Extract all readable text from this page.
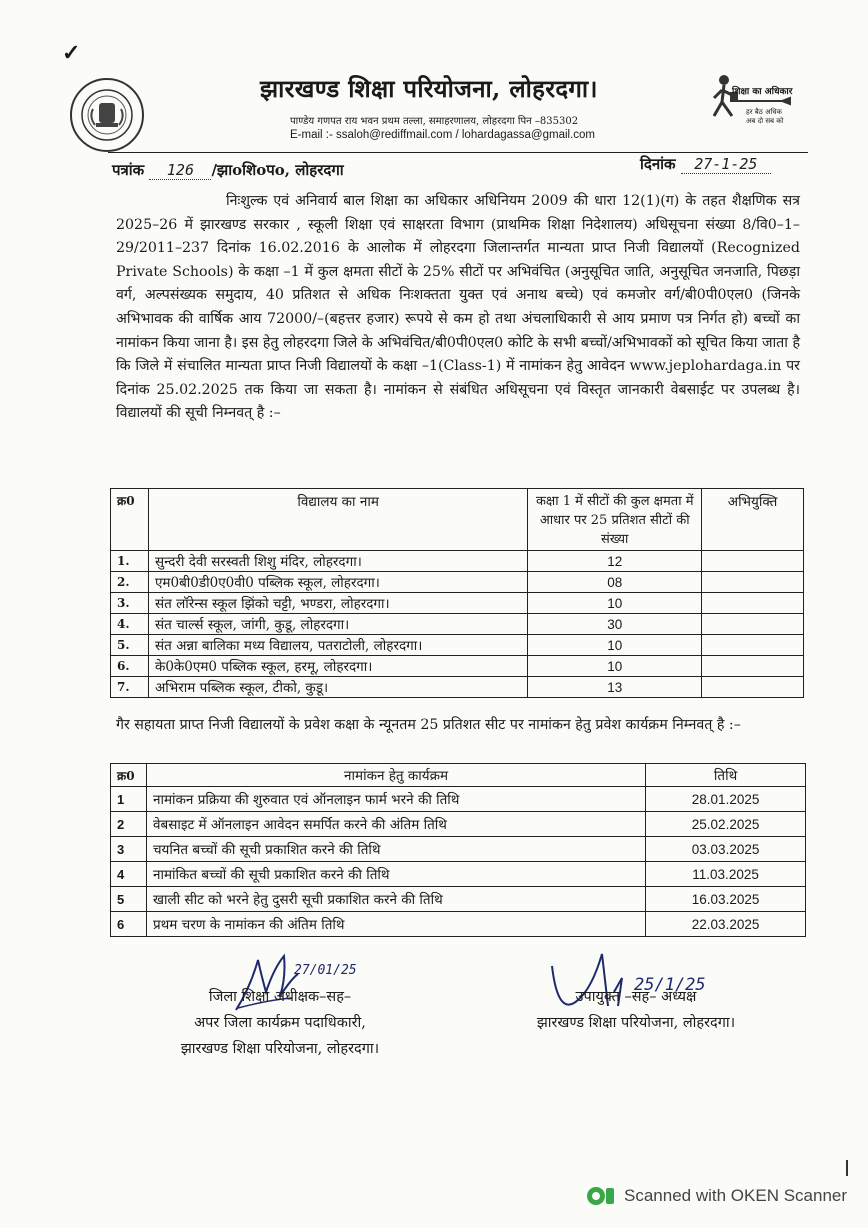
✓
झारखण्ड शिक्षा परियोजना, लोहरदगा।
पाण्डेय गणपत राय भवन प्रथम तल्ला, समाहरणालय, लोहरदगा पिन –835302
E-mail :- ssaloh@rediffmail.com / lohardagassa@gmail.com
शिक्षा का अधिकार
हर बैठ अधिक
अब दो सब को
पत्रांक 126 /झाoशिoपo, लोहरदगा	दिनांक 27-1-25
निःशुल्क एवं अनिवार्य बाल शिक्षा का अधिकार अधिनियम 2009 की धारा 12(1)(ग) के तहत शैक्षणिक सत्र 2025–26 में झारखण्ड सरकार , स्कूली शिक्षा एवं साक्षरता विभाग (प्राथमिक शिक्षा निदेशालय) अधिसूचना संख्या 8/वि0–1–29/2011–237 दिनांक 16.02.2016 के आलोक में लोहरदगा जिलान्तर्गत मान्यता प्राप्त निजी विद्यालयों (Recognized Private Schools) के कक्षा –1 में कुल क्षमता सीटों के 25% सीटों पर अभिवंचित (अनुसूचित जाति, अनुसूचित जनजाति, पिछड़ा वर्ग, अल्पसंख्यक समुदाय, 40 प्रतिशत से अधिक निःशक्तता युक्त एवं अनाथ बच्चे) एवं कमजोर वर्ग/बी0पी0एल0 (जिनके अभिभावक की वार्षिक आय 72000/–(बहत्तर हजार) रूपये से कम हो तथा अंचलाधिकारी से आय प्रमाण पत्र निर्गत हो) बच्चों का नामांकन किया जाना है। इस हेतु लोहरदगा जिले के अभिवंचित/बी0पी0एल0 कोटि के सभी बच्चों/अभिभावकों को सूचित किया जाता है कि जिले में संचालित मान्यता प्राप्त निजी विद्यालयों के कक्षा –1(Class-1) में नामांकन हेतु आवेदन www.jeplohardaga.in पर दिनांक 25.02.2025 तक किया जा सकता है। नामांकन से संबंधित अधिसूचना एवं विस्तृत जानकारी वेबसाईट पर उपलब्ध है। विद्यालयों की सूची निम्नवत् है :–
क्र0	विद्यालय का नाम	कक्षा 1 में सीटों की कुल क्षमता में आधार पर 25 प्रतिशत सीटों की संख्या	अभियुक्ति
1.	सुन्दरी देवी सरस्वती शिशु मंदिर, लोहरदगा।	12	
2.	एम0बी0डी0ए0वी0 पब्लिक स्कूल, लोहरदगा।	08	
3.	संत लॉरेन्स स्कूल झिंको चट्टी, भण्डरा, लोहरदगा।	10	
4.	संत चार्ल्स स्कूल, जांगी, कुडू, लोहरदगा।	30	
5.	संत अन्ना बालिका मध्य विद्यालय, पतराटोली, लोहरदगा।	10	
6.	के0के0एम0 पब्लिक स्कूल, हरमू, लोहरदगा।	10	
7.	अभिराम पब्लिक स्कूल, टीको, कुडू।	13	
गैर सहायता प्राप्त निजी विद्यालयों के प्रवेश कक्षा के न्यूनतम 25 प्रतिशत सीट पर नामांकन हेतु प्रवेश कार्यक्रम निम्नवत् है :–
क्र0	नामांकन हेतु कार्यक्रम	तिथि
1	नामांकन प्रक्रिया की शुरुवात एवं ऑनलाइन फार्म भरने की तिथि	28.01.2025
2	वेबसाइट में ऑनलाइन आवेदन समर्पित करने की अंतिम तिथि	25.02.2025
3	चयनित बच्चों की सूची प्रकाशित करने की तिथि	03.03.2025
4	नामांकित बच्चों की सूची प्रकाशित करने की तिथि	11.03.2025
5	खाली सीट को भरने हेतु दुसरी सूची प्रकाशित करने की तिथि	16.03.2025
6	प्रथम चरण के नामांकन की अंतिम तिथि	22.03.2025
27/01/25
25/1/25
जिला शिक्षा अधीक्षक–सह–
अपर जिला कार्यक्रम पदाधिकारी,
झारखण्ड शिक्षा परियोजना, लोहरदगा।
उपायुक्त –सह– अध्यक्ष
झारखण्ड शिक्षा परियोजना, लोहरदगा।
Scanned with OKEN Scanner
